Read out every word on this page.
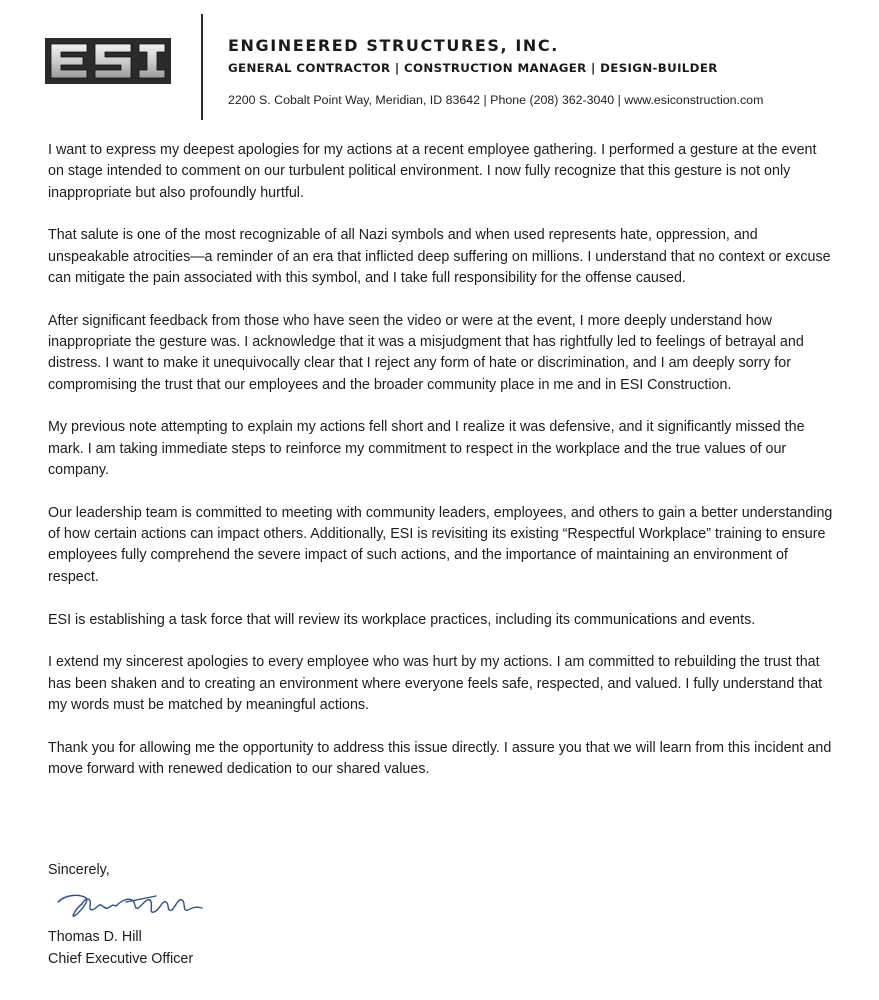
ENGINEERED STRUCTURES, INC.
GENERAL CONTRACTOR | CONSTRUCTION MANAGER | DESIGN-BUILDER
2200 S. Cobalt Point Way, Meridian, ID 83642 | Phone (208) 362-3040 | www.esiconstruction.com

I want to express my deepest apologies for my actions at a recent employee gathering. I performed a gesture at the event on stage intended to comment on our turbulent political environment. I now fully recognize that this gesture is not only inappropriate but also profoundly hurtful.

That salute is one of the most recognizable of all Nazi symbols and when used represents hate, oppression, and unspeakable atrocities—a reminder of an era that inflicted deep suffering on millions. I understand that no context or excuse can mitigate the pain associated with this symbol, and I take full responsibility for the offense caused.

After significant feedback from those who have seen the video or were at the event, I more deeply understand how inappropriate the gesture was. I acknowledge that it was a misjudgment that has rightfully led to feelings of betrayal and distress. I want to make it unequivocally clear that I reject any form of hate or discrimination, and I am deeply sorry for compromising the trust that our employees and the broader community place in me and in ESI Construction.

My previous note attempting to explain my actions fell short and I realize it was defensive, and it significantly missed the mark. I am taking immediate steps to reinforce my commitment to respect in the workplace and the true values of our company.

Our leadership team is committed to meeting with community leaders, employees, and others to gain a better understanding of how certain actions can impact others. Additionally, ESI is revisiting its existing “Respectful Workplace” training to ensure employees fully comprehend the severe impact of such actions, and the importance of maintaining an environment of respect.

ESI is establishing a task force that will review its workplace practices, including its communications and events.

I extend my sincerest apologies to every employee who was hurt by my actions. I am committed to rebuilding the trust that has been shaken and to creating an environment where everyone feels safe, respected, and valued. I fully understand that my words must be matched by meaningful actions.

Thank you for allowing me the opportunity to address this issue directly. I assure you that we will learn from this incident and move forward with renewed dedication to our shared values.

Sincerely,
Thomas D. Hill
Chief Executive Officer
